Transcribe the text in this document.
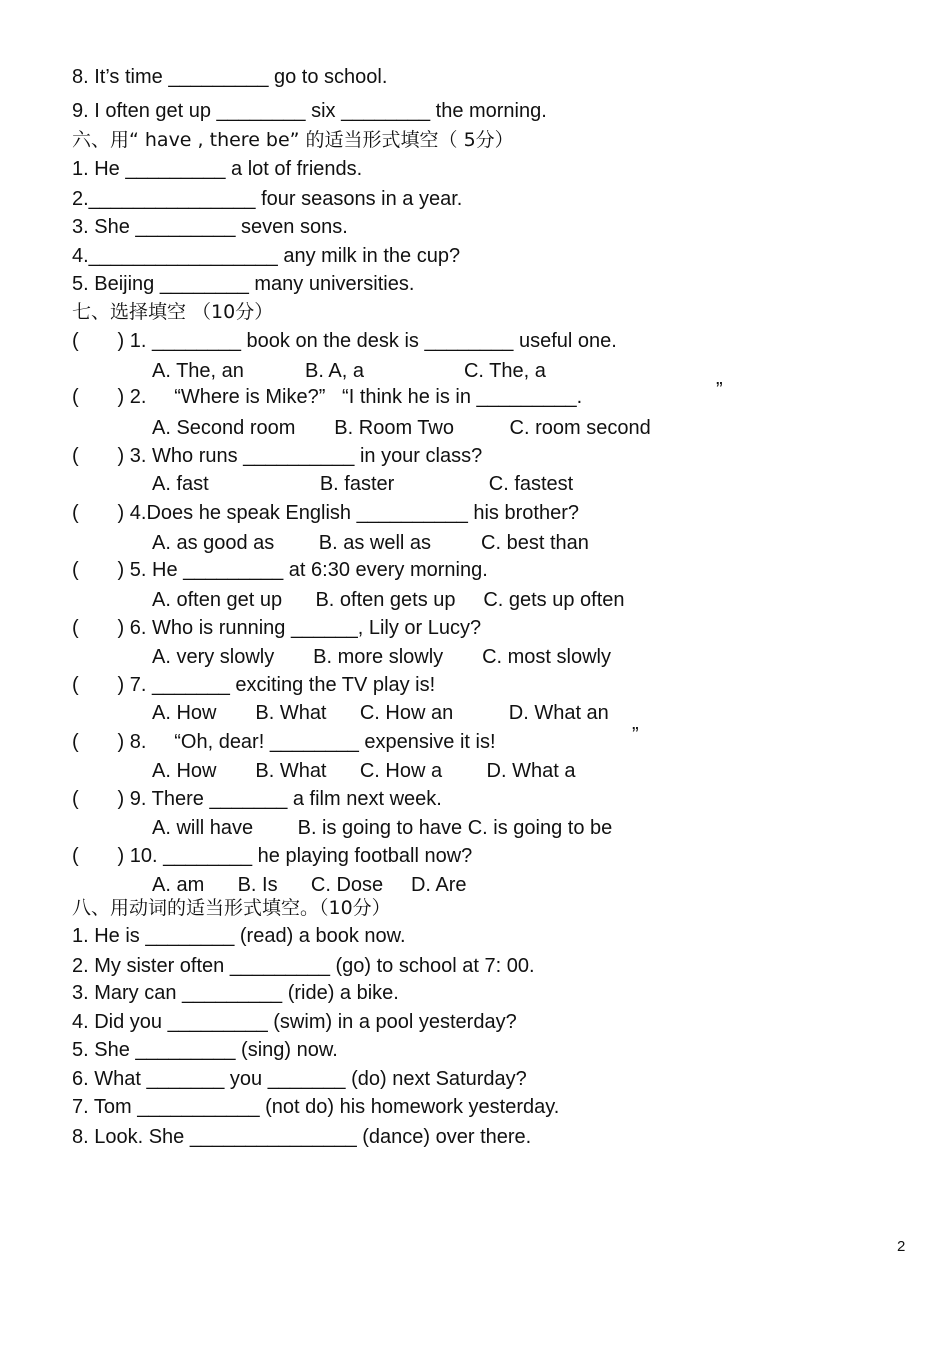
8. It’s time _________ go to school.
9. I often get up ________ six ________ the morning.
六、用“ have , there be” 的适当形式填空（ 5分）
1. He _________ a lot of friends.
2._______________ four seasons in a year.
3. She _________ seven sons.
4._________________ any milk in the cup?
5. Beijing ________ many universities.
七、选择填空 （10分）
(       ) 1. ________ book on the desk is ________ useful one.
A. The, an           B. A, a                  C. The, a
(       ) 2.     “Where is Mike?”   “I think he is in _________.	”
A. Second room       B. Room Two          C. room second
(       ) 3. Who runs __________ in your class?
A. fast                    B. faster                 C. fastest
(       ) 4.Does he speak English __________ his brother?
A. as good as        B. as well as         C. best than
(       ) 5. He _________ at 6:30 every morning.
A. often get up      B. often gets up     C. gets up often
(       ) 6. Who is running ______, Lily or Lucy?
A. very slowly       B. more slowly       C. most slowly
(       ) 7. _______ exciting the TV play is!
A. How       B. What      C. How an          D. What an
(       ) 8.     “Oh, dear! ________ expensive it is!	”
A. How       B. What      C. How a        D. What a
(       ) 9. There _______ a film next week.
A. will have        B. is going to have C. is going to be
(       ) 10. ________ he playing football now?
A. am      B. Is      C. Dose     D. Are
八、用动词的适当形式填空。（10分）
1. He is ________ (read) a book now.
2. My sister often _________ (go) to school at 7: 00.
3. Mary can _________ (ride) a bike.
4. Did you _________ (swim) in a pool yesterday?
5. She _________ (sing) now.
6. What _______ you _______ (do) next Saturday?
7. Tom ___________ (not do) his homework yesterday.
8. Look. She _______________ (dance) over there.
2
